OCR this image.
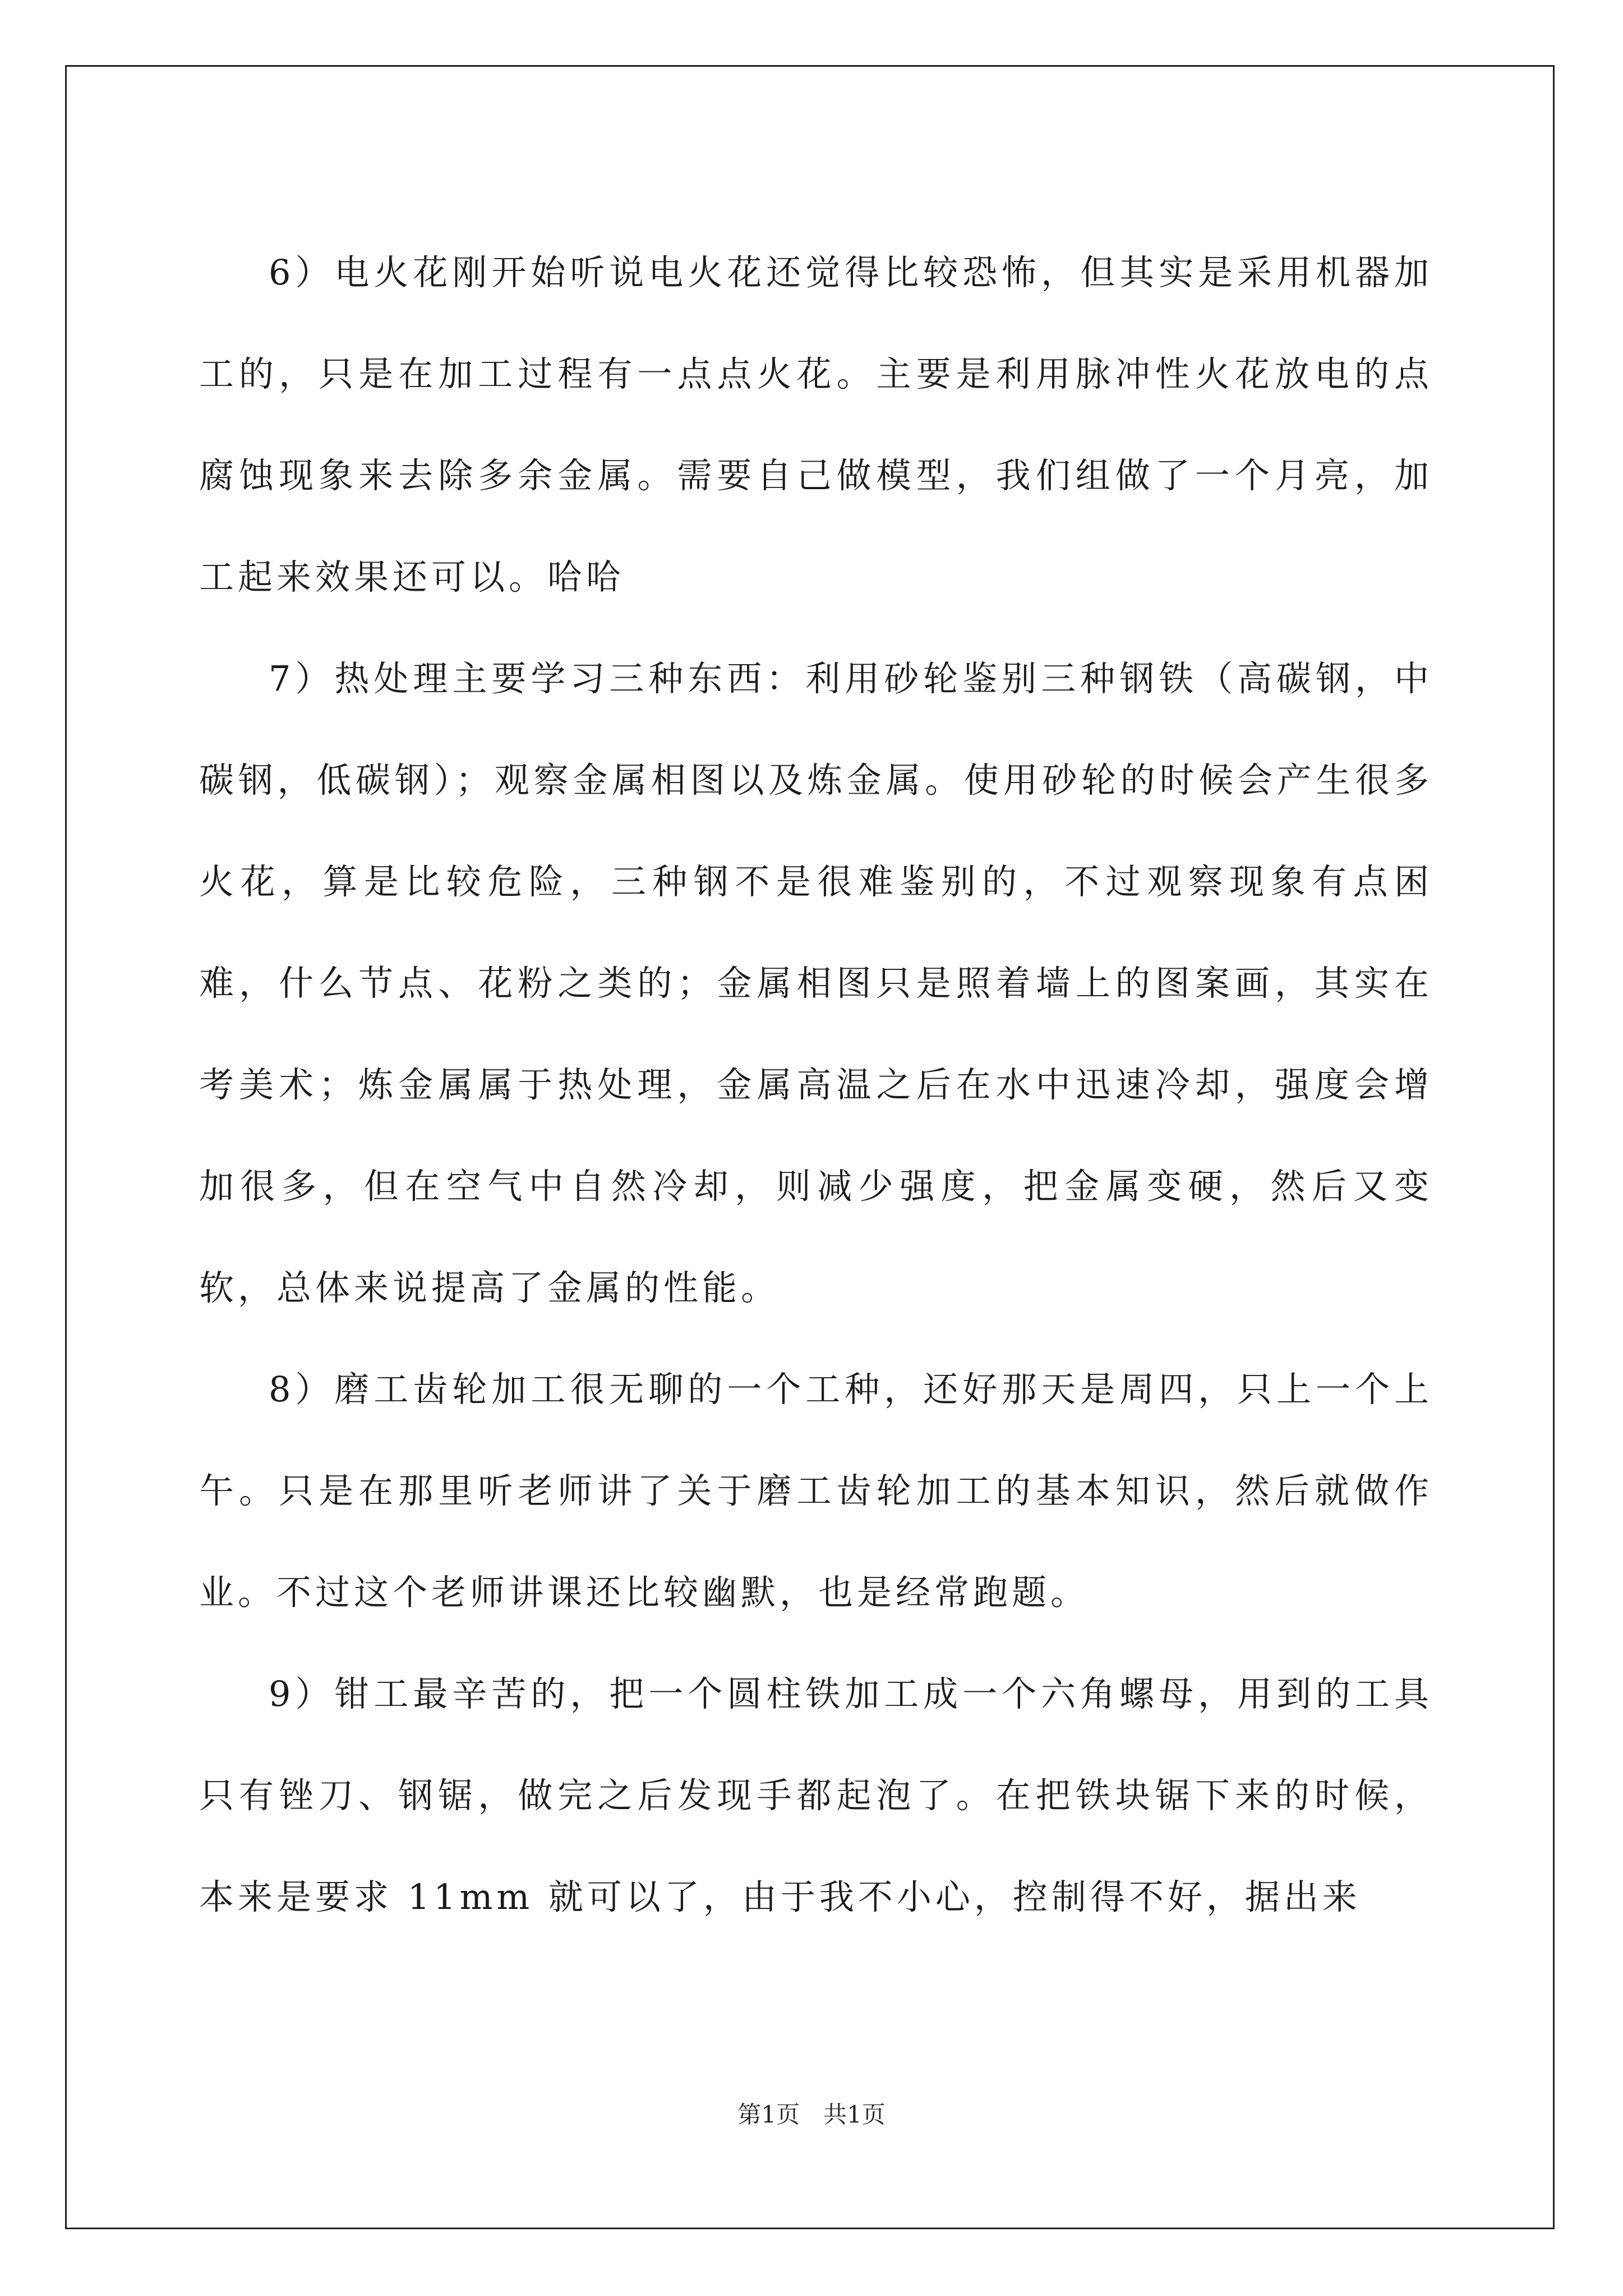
6）电火花刚开始听说电火花还觉得比较恐怖，但其实是采用机器加工的，只是在加工过程有一点点火花。主要是利用脉冲性火花放电的点腐蚀现象来去除多余金属。需要自己做模型，我们组做了一个月亮，加工起来效果还可以。哈哈

7）热处理主要学习三种东西：利用砂轮鉴别三种钢铁（高碳钢，中碳钢，低碳钢）；观察金属相图以及炼金属。使用砂轮的时候会产生很多火花，算是比较危险，三种钢不是很难鉴别的，不过观察现象有点困难，什么节点、花粉之类的；金属相图只是照着墙上的图案画，其实在考美术；炼金属属于热处理，金属高温之后在水中迅速冷却，强度会增加很多，但在空气中自然冷却，则减少强度，把金属变硬，然后又变软，总体来说提高了金属的性能。

8）磨工齿轮加工很无聊的一个工种，还好那天是周四，只上一个上午。只是在那里听老师讲了关于磨工齿轮加工的基本知识，然后就做作业。不过这个老师讲课还比较幽默，也是经常跑题。

9）钳工最辛苦的，把一个圆柱铁加工成一个六角螺母，用到的工具只有锉刀、钢锯，做完之后发现手都起泡了。在把铁块锯下来的时候，本来是要求 11mm 就可以了，由于我不小心，控制得不好，据出来

第1页　共1页
